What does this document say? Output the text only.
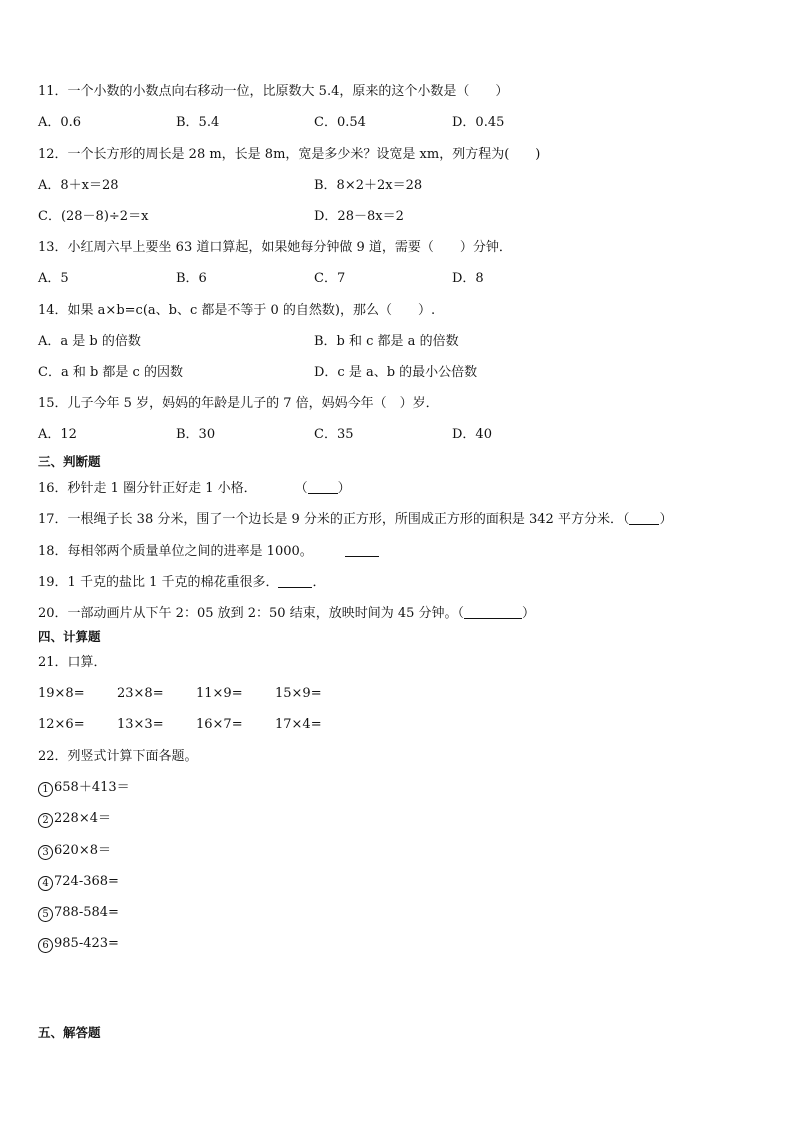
11．一个小数的小数点向右移动一位，比原数大 5.4，原来的这个小数是（　　）
A．0.6	B．5.4	C．0.54	D．0.45
12．一个长方形的周长是 28 m，长是 8m，宽是多少米？设宽是 xm，列方程为(　　)
A．8＋x＝28	B．8×2＋2x＝28
C．(28－8)÷2＝x	D．28－8x＝2
13．小红周六早上要坐 63 道口算起，如果她每分钟做 9 道，需要（　　）分钟．
A．5	B．6	C．7	D．8
14．如果 a×b=c(a、b、c 都是不等于 0 的自然数)，那么（　　）.
A．a 是 b 的倍数	B．b 和 c 都是 a 的倍数
C．a 和 b 都是 c 的因数	D．c 是 a、b 的最小公倍数
15．儿子今年 5 岁，妈妈的年龄是儿子的 7 倍，妈妈今年（　）岁．
A．12	B．30	C．35	D．40
三、判断题
16．秒针走 1 圈分针正好走 1 小格．	（ ）
17．一根绳子长 38 分米，围了一个边长是 9 分米的正方形，所围成正方形的面积是 342 平方分米．（ ）
18．每相邻两个质量单位之间的进率是 1000。
19．1 千克的盐比 1 千克的棉花重很多．	．
20．一部动画片从下午 2：05 放到 2：50 结束，放映时间为 45 分钟。（	）
四、计算题
21．口算．
19×8= 23×8= 11×9= 15×9=
12×6= 13×3= 16×7= 17×4=
22．列竖式计算下面各题。
1 658＋413＝
2 228×4＝
3 620×8＝
4 724-368=
5 788-584=
6 985-423=
五、解答题
